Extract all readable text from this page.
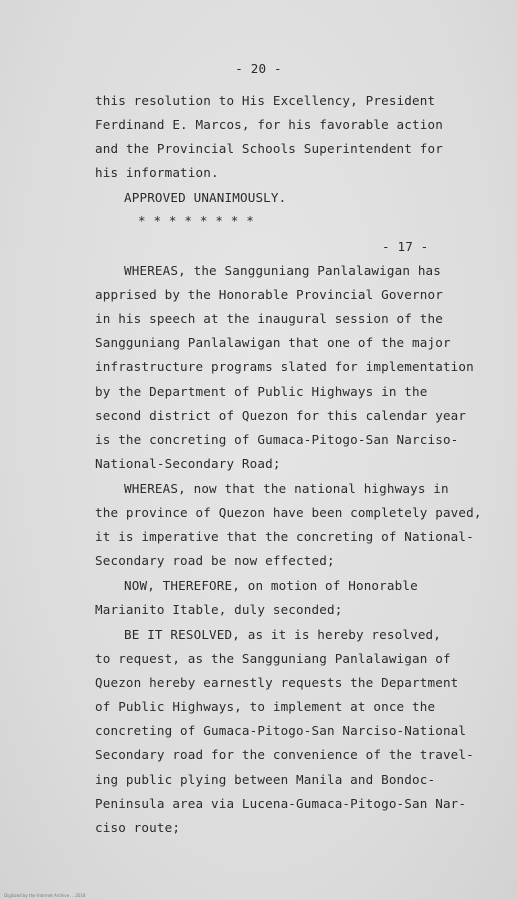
- 20 -
this resolution to His Excellency, President
Ferdinand E. Marcos, for his favorable action
and the Provincial Schools Superintendent for
his information.
APPROVED UNANIMOUSLY.
* * * * * * * *
- 17 -
WHEREAS, the Sangguniang Panlalawigan has
apprised by the Honorable Provincial Governor
in his speech at the inaugural session of the
Sangguniang Panlalawigan that one of the major
infrastructure programs slated for implementation
by the Department of Public Highways in the
second district of Quezon for this calendar year
is the concreting of Gumaca-Pitogo-San Narciso-
National-Secondary Road;
WHEREAS, now that the national highways in
the province of Quezon have been completely paved,
it is imperative that the concreting of National-
Secondary road be now effected;
NOW, THEREFORE, on motion of Honorable
Marianito Itable, duly seconded;
BE IT RESOLVED, as it is hereby resolved,
to request, as the Sangguniang Panlalawigan of
Quezon hereby earnestly requests the Department
of Public Highways, to implement at once the
concreting of Gumaca-Pitogo-San Narciso-National
Secondary road for the convenience of the travel-
ing public plying between Manila and Bondoc-
Peninsula area via Lucena-Gumaca-Pitogo-San Nar-
ciso route;
Digitized by the Internet Archive ... 2018
